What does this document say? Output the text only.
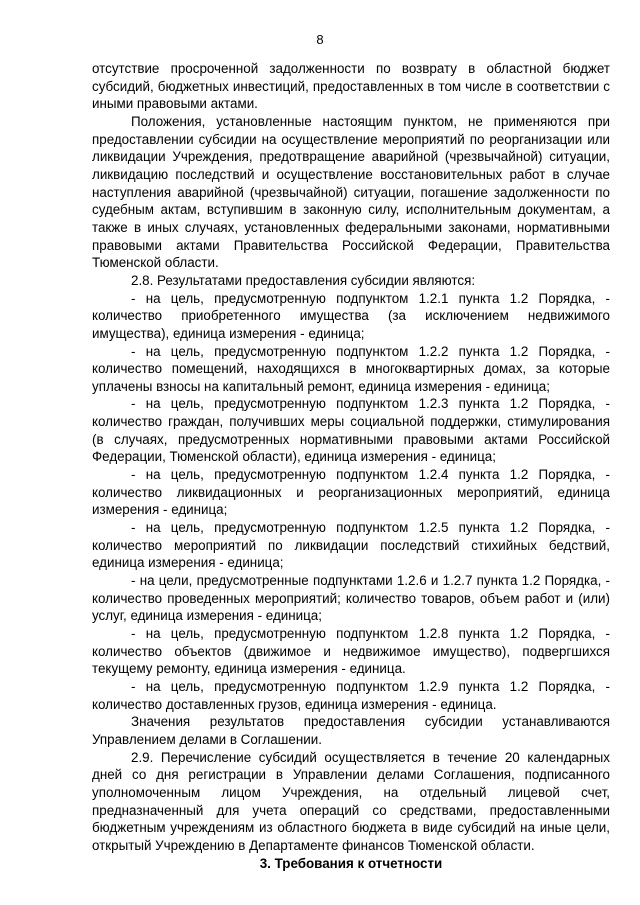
8

отсутствие просроченной задолженности по возврату в областной бюджет субсидий, бюджетных инвестиций, предоставленных в том числе в соответствии с иными правовыми актами.

Положения, установленные настоящим пунктом, не применяются при предоставлении субсидии на осуществление мероприятий по реорганизации или ликвидации Учреждения, предотвращение аварийной (чрезвычайной) ситуации, ликвидацию последствий и осуществление восстановительных работ в случае наступления аварийной (чрезвычайной) ситуации, погашение задолженности по судебным актам, вступившим в законную силу, исполнительным документам, а также в иных случаях, установленных федеральными законами, нормативными правовыми актами Правительства Российской Федерации, Правительства Тюменской области.

2.8. Результатами предоставления субсидии являются:

- на цель, предусмотренную подпунктом 1.2.1 пункта 1.2 Порядка, - количество приобретенного имущества (за исключением недвижимого имущества), единица измерения - единица;

- на цель, предусмотренную подпунктом 1.2.2 пункта 1.2 Порядка, - количество помещений, находящихся в многоквартирных домах, за которые уплачены взносы на капитальный ремонт, единица измерения - единица;

- на цель, предусмотренную подпунктом 1.2.3 пункта 1.2 Порядка, - количество граждан, получивших меры социальной поддержки, стимулирования (в случаях, предусмотренных нормативными правовыми актами Российской Федерации, Тюменской области), единица измерения - единица;

- на цель, предусмотренную подпунктом 1.2.4 пункта 1.2 Порядка, - количество ликвидационных и реорганизационных мероприятий, единица измерения - единица;

- на цель, предусмотренную подпунктом 1.2.5 пункта 1.2 Порядка, - количество мероприятий по ликвидации последствий стихийных бедствий, единица измерения - единица;

- на цели, предусмотренные подпунктами 1.2.6 и 1.2.7 пункта 1.2 Порядка, - количество проведенных мероприятий; количество товаров, объем работ и (или) услуг, единица измерения - единица;

- на цель, предусмотренную подпунктом 1.2.8 пункта 1.2 Порядка, - количество объектов (движимое и недвижимое имущество), подвергшихся текущему ремонту, единица измерения - единица.

- на цель, предусмотренную подпунктом 1.2.9 пункта 1.2 Порядка, - количество доставленных грузов, единица измерения - единица.

Значения результатов предоставления субсидии устанавливаются Управлением делами в Соглашении.

2.9. Перечисление субсидий осуществляется в течение 20 календарных дней со дня регистрации в Управлении делами Соглашения, подписанного уполномоченным лицом Учреждения, на отдельный лицевой счет, предназначенный для учета операций со средствами, предоставленными бюджетным учреждениям из областного бюджета в виде субсидий на иные цели, открытый Учреждению в Департаменте финансов Тюменской области.

3. Требования к отчетности
